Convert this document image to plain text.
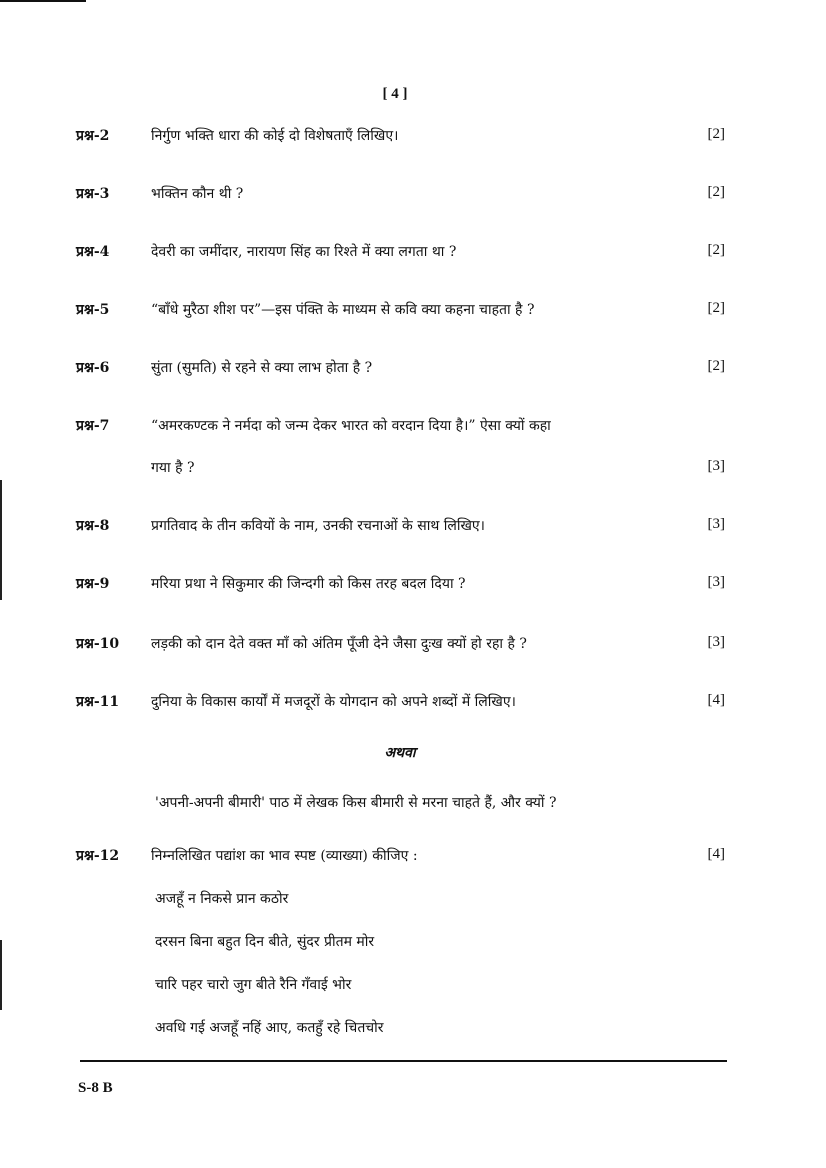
[ 4 ]
प्रश्न-2	निर्गुण भक्ति धारा की कोई दो विशेषताएँ लिखिए।	[2]
प्रश्न-3	भक्तिन कौन थी ?	[2]
प्रश्न-4	देवरी का जमींदार, नारायण सिंह का रिश्ते में क्या लगता था ?	[2]
प्रश्न-5	“बाँधे मुरैठा शीश पर”—इस पंक्ति के माध्यम से कवि क्या कहना चाहता है ?	[2]
प्रश्न-6	सुंता (सुमति) से रहने से क्या लाभ होता है ?	[2]
प्रश्न-7	“अमरकण्टक ने नर्मदा को जन्म देकर भारत को वरदान दिया है।” ऐसा क्यों कहा
गया है ?	[3]
प्रश्न-8	प्रगतिवाद के तीन कवियों के नाम, उनकी रचनाओं के साथ लिखिए।	[3]
प्रश्न-9	मरिया प्रथा ने सिकुमार की जिन्दगी को किस तरह बदल दिया ?	[3]
प्रश्न-10 लड़की को दान देते वक्त माँ को अंतिम पूँजी देने जैसा दुःख क्यों हो रहा है ?	[3]
प्रश्न-11 दुनिया के विकास कार्यों में मजदूरों के योगदान को अपने शब्दों में लिखिए।	[4]
अथवा
'अपनी-अपनी बीमारी' पाठ में लेखक किस बीमारी से मरना चाहते हैं, और क्यों ?
प्रश्न-12 निम्नलिखित पद्यांश का भाव स्पष्ट (व्याख्या) कीजिए :	[4]
अजहूँ न निकसे प्रान कठोर
दरसन बिना बहुत दिन बीते, सुंदर प्रीतम मोर
चारि पहर चारो जुग बीते रैनि गँवाई भोर
अवधि गई अजहूँ नहिं आए, कतहुँ रहे चितचोर
S-8 B
